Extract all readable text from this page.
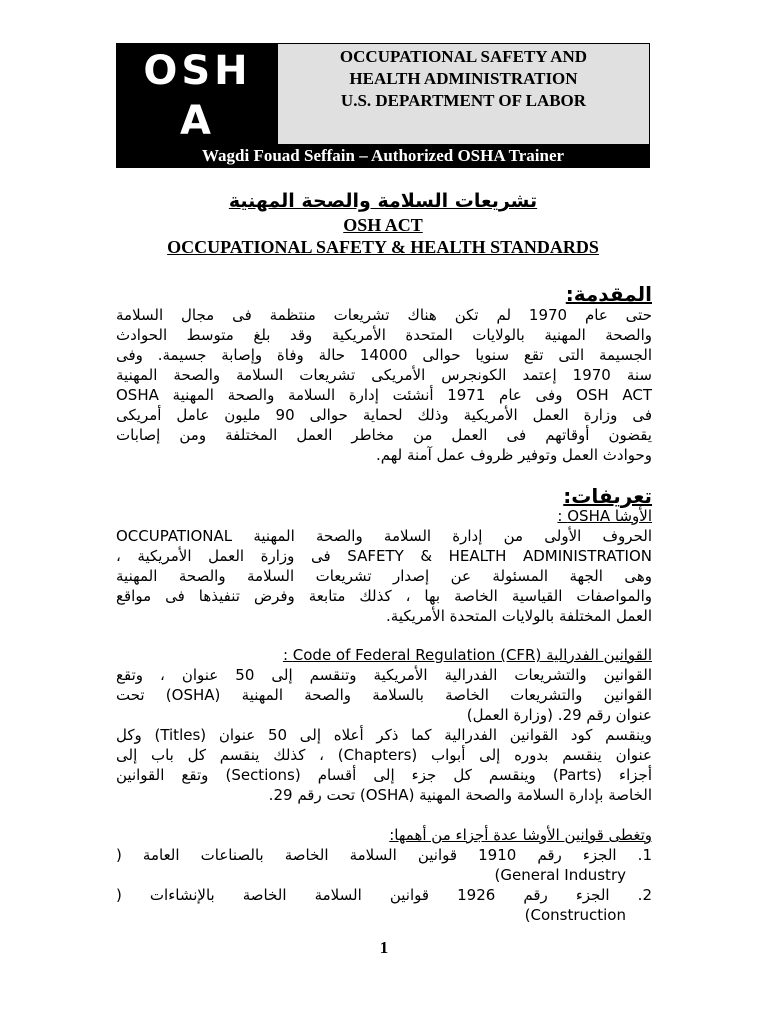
OSHA
OCCUPATIONAL SAFETY AND
HEALTH ADMINISTRATION
U.S. DEPARTMENT OF LABOR
Wagdi Fouad Seffain – Authorized OSHA Trainer
تشريعات السلامة والصحة المهنية
OSH ACT
OCCUPATIONAL SAFETY & HEALTH STANDARDS
المقدمة:
حتى عام 1970 لم تكن هناك تشريعات منتظمة فى مجال السلامة
والصحة المهنية بالولايات المتحدة الأمريكية وقد بلغ متوسط الحوادث
الجسيمة التى تقع سنويا حوالى 14000 حالة وفاة وإصابة جسيمة. وفى
سنة 1970 إعتمد الكونجرس الأمريكى تشريعات السلامة والصحة المهنية
OSH ACT وفى عام 1971 أنشئت إدارة السلامة والصحة المهنية OSHA
فى وزارة العمل الأمريكية وذلك لحماية حوالى 90 مليون عامل أمريكى
يقضون أوقاتهم فى العمل من مخاطر العمل المختلفة ومن إصابات
وحوادث العمل وتوفير ظروف عمل آمنة لهم.
تعريفات:
الأوشا OSHA :
الحروف الأولى من إدارة السلامة والصحة المهنية OCCUPATIONAL
SAFETY & HEALTH ADMINISTRATION فى وزارة العمل الأمريكية ،
وهى الجهة المسئولة عن إصدار تشريعات السلامة والصحة المهنية
والمواصفات القياسية الخاصة بها ، كذلك متابعة وفرض تنفيذها فى مواقع
العمل المختلفة بالولايات المتحدة الأمريكية.
القوانين الفدرالية Code of Federal Regulation (CFR) :
القوانين والتشريعات الفدرالية الأمريكية وتنقسم إلى 50 عنوان ، وتقع
القوانين والتشريعات الخاصة بالسلامة والصحة المهنية (OSHA) تحت
عنوان رقم 29. (وزارة العمل)
وينقسم كود القوانين الفدرالية كما ذكر أعلاه إلى 50 عنوان (Titles) وكل
عنوان ينقسم بدوره إلى أبواب (Chapters) ، كذلك ينقسم كل باب إلى
أجزاء (Parts) وينقسم كل جزء إلى أقسام (Sections) وتقع القوانين
الخاصة بإدارة السلامة والصحة المهنية (OSHA) تحت رقم 29.
وتغطى قوانين الأوشا عدة أجزاء من أهمها:
1. الجزء رقم 1910 قوانين السلامة الخاصة بالصناعات العامة (
General Industry)
2. الجزء رقم 1926 قوانين السلامة الخاصة بالإنشاءات (
Construction)
1
